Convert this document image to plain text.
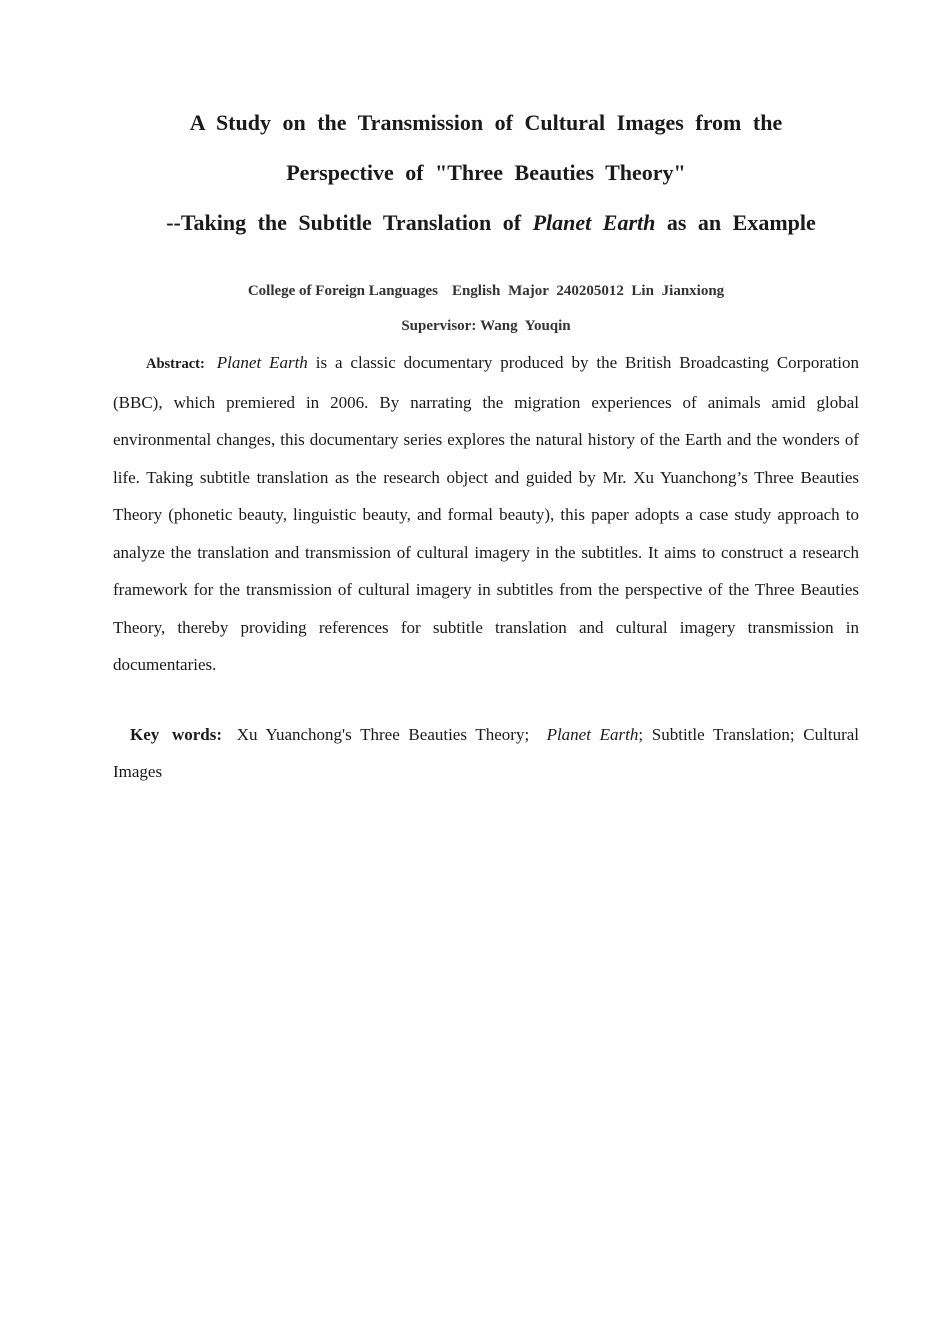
A Study on the Transmission of Cultural Images from the

Perspective of "Three Beauties Theory"

--Taking the Subtitle Translation of Planet Earth as an Example

College of Foreign Languages English Major 240205012 Lin Jianxiong
Supervisor: Wang Youqin

Abstract: Planet Earth is a classic documentary produced by the British Broadcasting Corporation (BBC), which premiered in 2006. By narrating the migration experiences of animals amid global environmental changes, this documentary series explores the natural history of the Earth and the wonders of life. Taking subtitle translation as the research object and guided by Mr. Xu Yuanchong’s Three Beauties Theory (phonetic beauty, linguistic beauty, and formal beauty), this paper adopts a case study approach to analyze the translation and transmission of cultural imagery in the subtitles. It aims to construct a research framework for the transmission of cultural imagery in subtitles from the perspective of the Three Beauties Theory, thereby providing references for subtitle translation and cultural imagery transmission in documentaries.

Key words: Xu Yuanchong's Three Beauties Theory; Planet Earth; Subtitle Translation; Cultural Images
